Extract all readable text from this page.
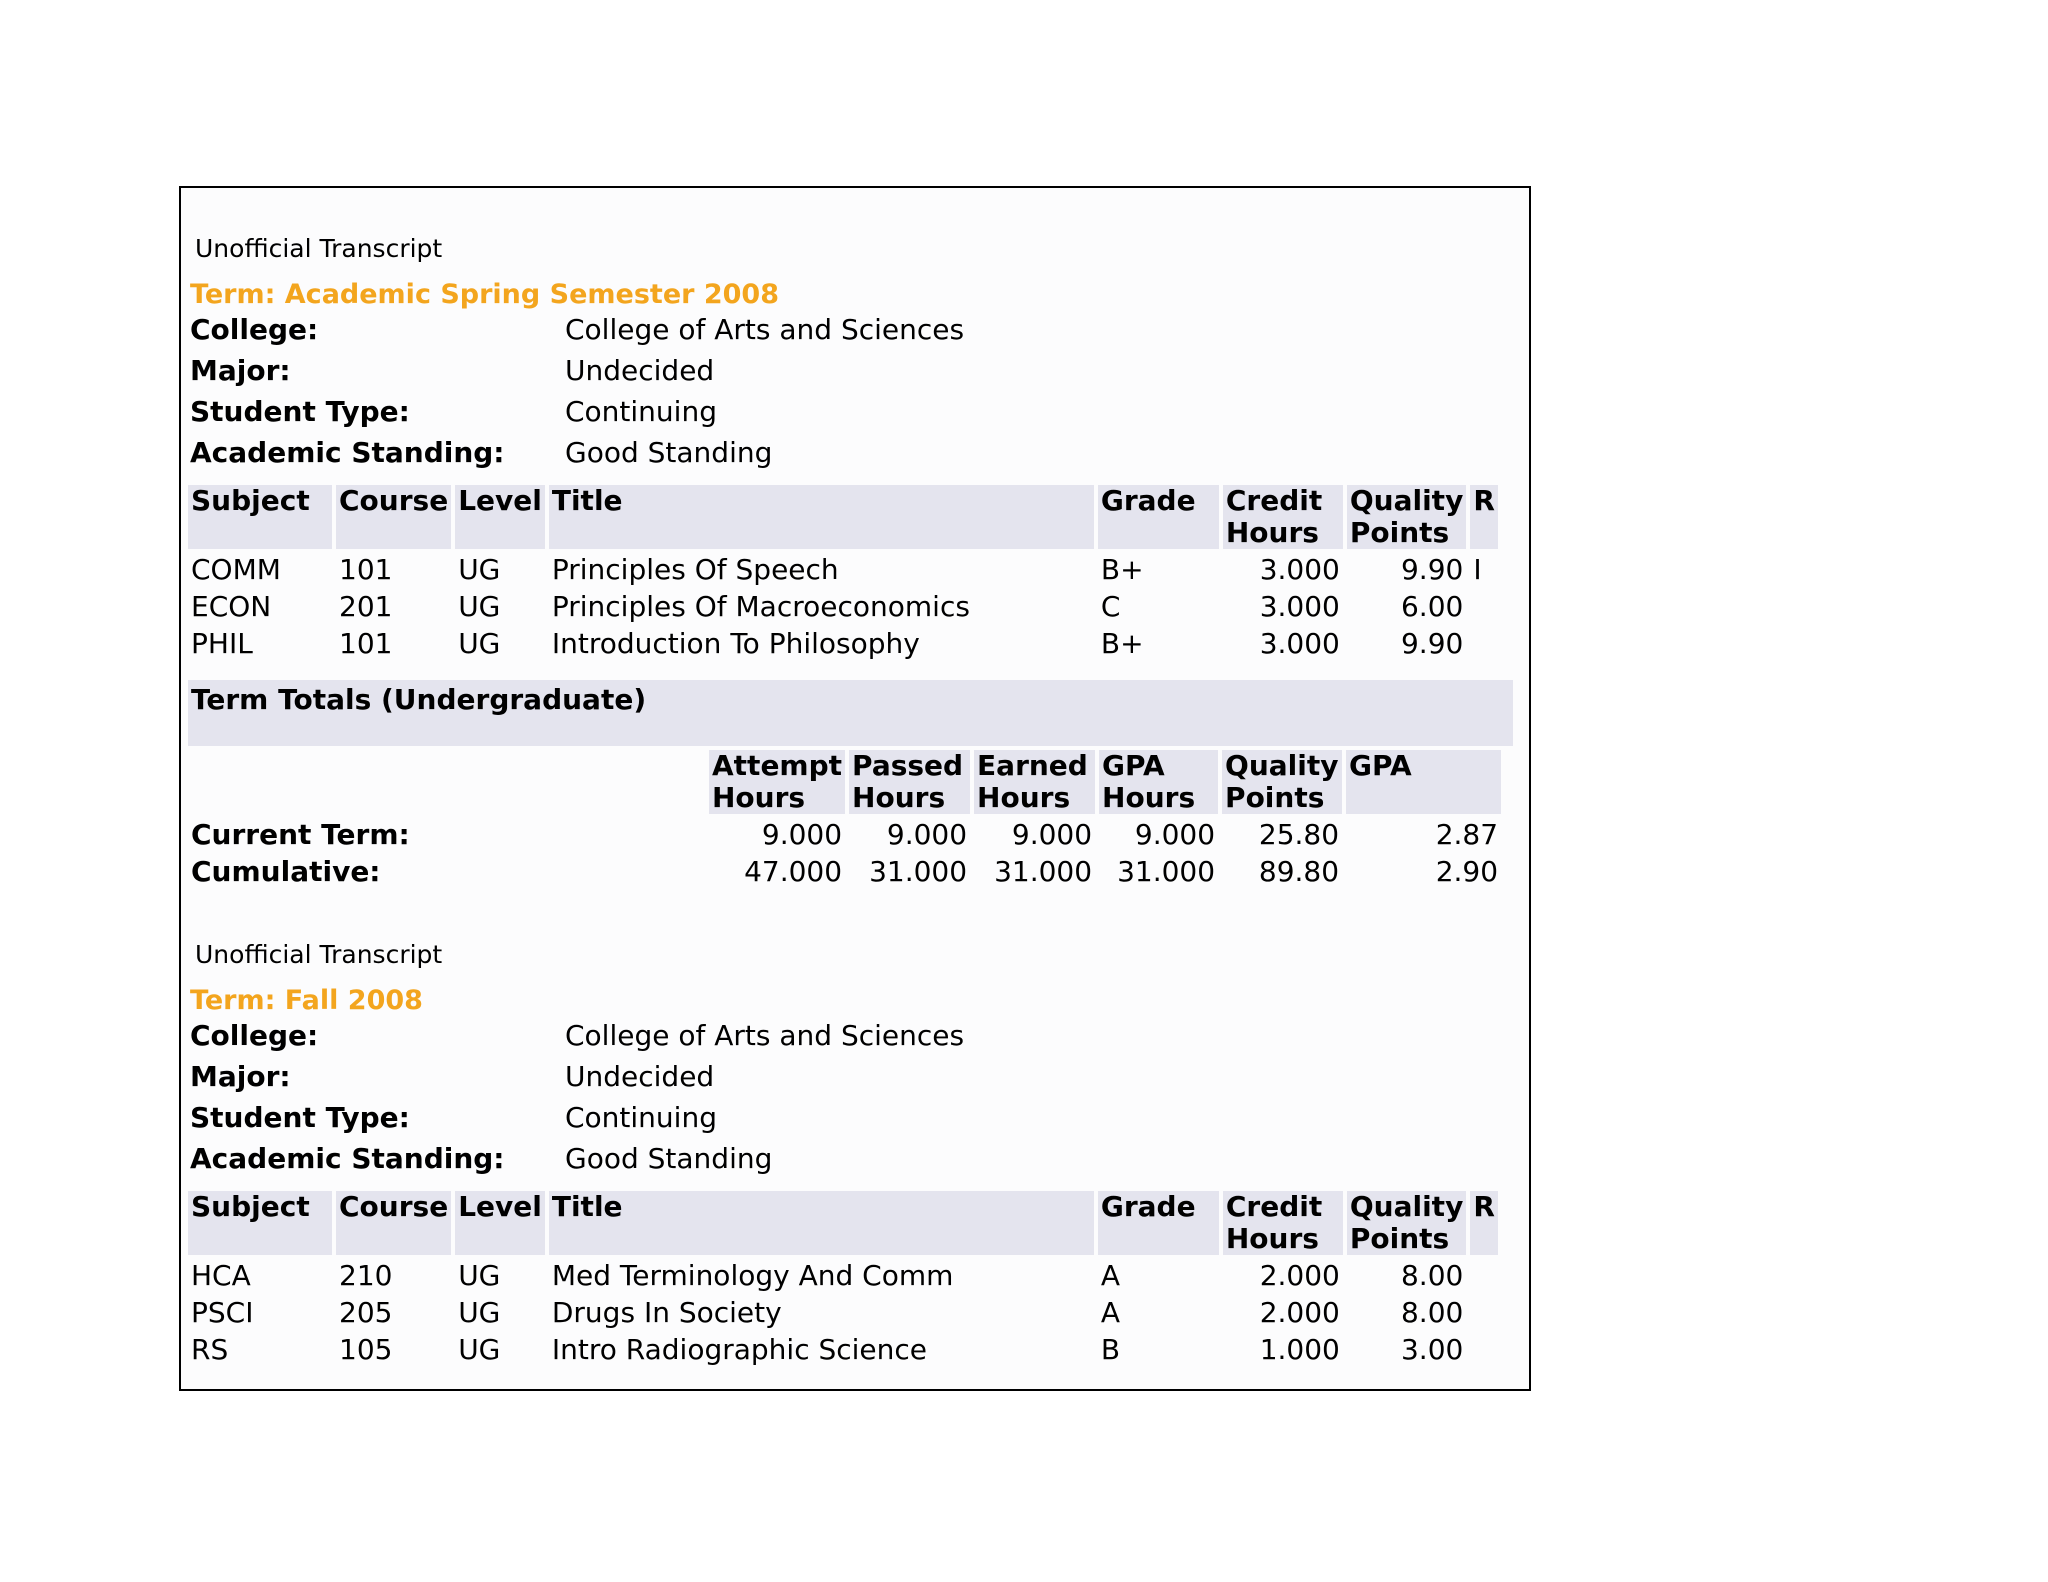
Unofficial Transcript
Term: Academic Spring Semester 2008
College:	College of Arts and Sciences
Major:	Undecided
Student Type:	Continuing
Academic Standing: Good Standing
Subject	Course	Level	Title	Grade	Credit Hours	Quality Points	R
COMM	101	UG	Principles Of Speech	B+	3.000	9.90	I
ECON	201	UG	Principles Of Macroeconomics	C	3.000	6.00	
PHIL	101	UG	Introduction To Philosophy	B+	3.000	9.90	
Term Totals (Undergraduate)
	Attempt Hours	Passed Hours	Earned Hours	GPA Hours	Quality Points	GPA
Current Term:	9.000	9.000	9.000	9.000	25.80	2.87
Cumulative:	47.000	31.000	31.000	31.000	89.80	2.90
Unofficial Transcript
Term: Fall 2008
College:	College of Arts and Sciences
Major:	Undecided
Student Type:	Continuing
Academic Standing: Good Standing
Subject	Course	Level	Title	Grade	Credit Hours	Quality Points	R
HCA	210	UG	Med Terminology And Comm	A	2.000	8.00	
PSCI	205	UG	Drugs In Society	A	2.000	8.00	
RS	105	UG	Intro Radiographic Science	B	1.000	3.00	
